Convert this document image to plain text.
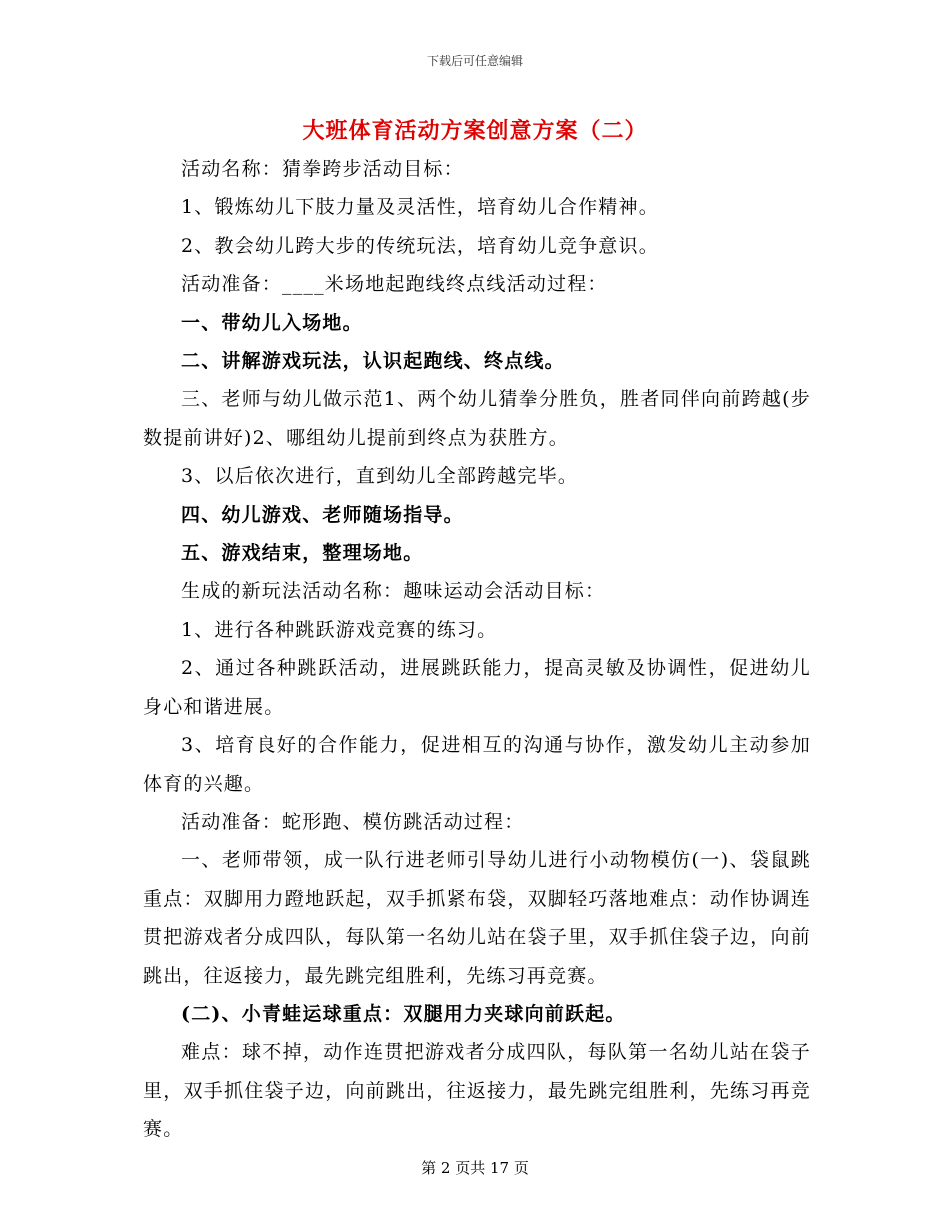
下载后可任意编辑
大班体育活动方案创意方案（二）

活动名称：猜拳跨步活动目标：

1、锻炼幼儿下肢力量及灵活性，培育幼儿合作精神。

2、教会幼儿跨大步的传统玩法，培育幼儿竞争意识。

活动准备：____米场地起跑线终点线活动过程：

一、带幼儿入场地。

二、讲解游戏玩法，认识起跑线、终点线。

三、老师与幼儿做示范1、两个幼儿猜拳分胜负，胜者同伴向前跨越(步数提前讲好)2、哪组幼儿提前到终点为获胜方。

3、以后依次进行，直到幼儿全部跨越完毕。

四、幼儿游戏、老师随场指导。

五、游戏结束，整理场地。

生成的新玩法活动名称：趣味运动会活动目标：

1、进行各种跳跃游戏竞赛的练习。

2、通过各种跳跃活动，进展跳跃能力，提高灵敏及协调性，促进幼儿身心和谐进展。

3、培育良好的合作能力，促进相互的沟通与协作，激发幼儿主动参加体育的兴趣。

活动准备：蛇形跑、模仿跳活动过程：

一、老师带领，成一队行进老师引导幼儿进行小动物模仿(一)、袋鼠跳重点：双脚用力蹬地跃起，双手抓紧布袋，双脚轻巧落地难点：动作协调连贯把游戏者分成四队，每队第一名幼儿站在袋子里，双手抓住袋子边，向前跳出，往返接力，最先跳完组胜利，先练习再竞赛。

(二)、小青蛙运球重点：双腿用力夹球向前跃起。

难点：球不掉，动作连贯把游戏者分成四队，每队第一名幼儿站在袋子里，双手抓住袋子边，向前跳出，往返接力，最先跳完组胜利，先练习再竞赛。

第 2 页共 17 页
